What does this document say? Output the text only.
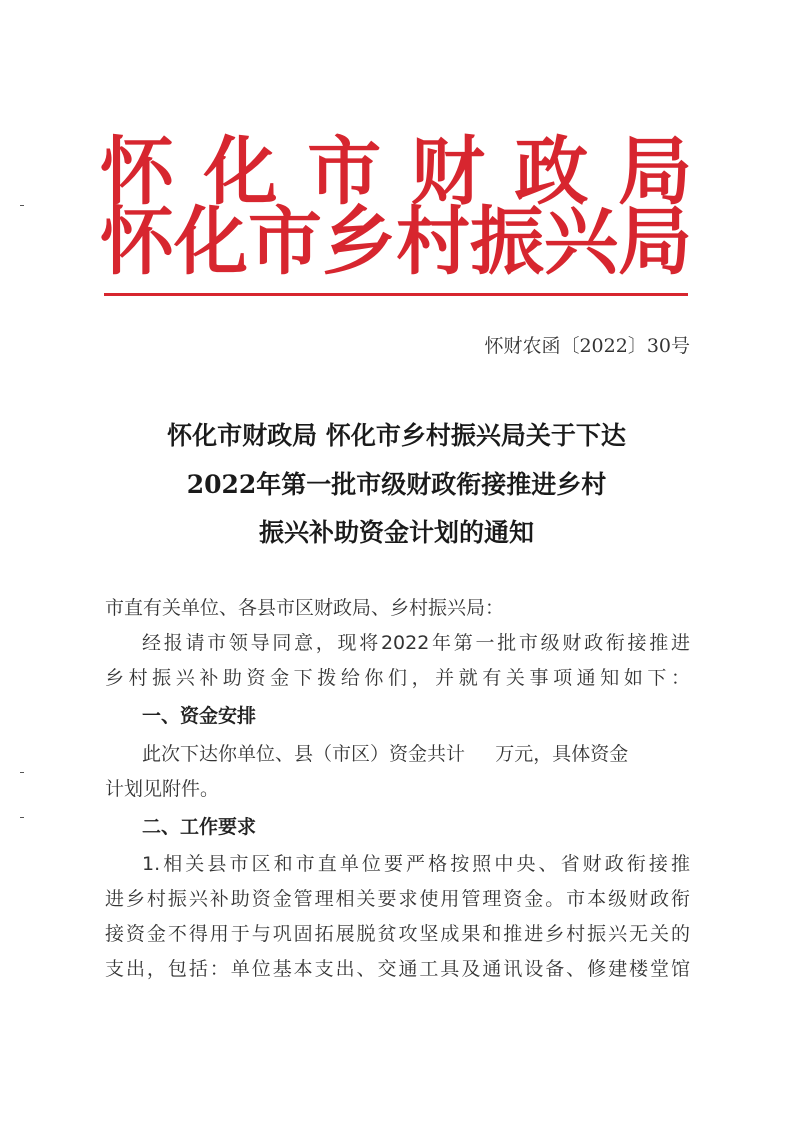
怀化市财政局
怀化市乡村振兴局
怀财农函〔2022〕30号
怀化市财政局 怀化市乡村振兴局关于下达
2022年第一批市级财政衔接推进乡村
振兴补助资金计划的通知
市直有关单位、各县市区财政局、乡村振兴局：
经报请市领导同意，现将2022年第一批市级财政衔接推进
乡村振兴补助资金下拨给你们，并就有关事项通知如下：
一、资金安排
此次下达你单位、县（市区）资金共计     万元，具体资金
计划见附件。
二、工作要求
1.相关县市区和市直单位要严格按照中央、省财政衔接推
进乡村振兴补助资金管理相关要求使用管理资金。市本级财政衔
接资金不得用于与巩固拓展脱贫攻坚成果和推进乡村振兴无关的
支出，包括：单位基本支出、交通工具及通讯设备、修建楼堂馆
